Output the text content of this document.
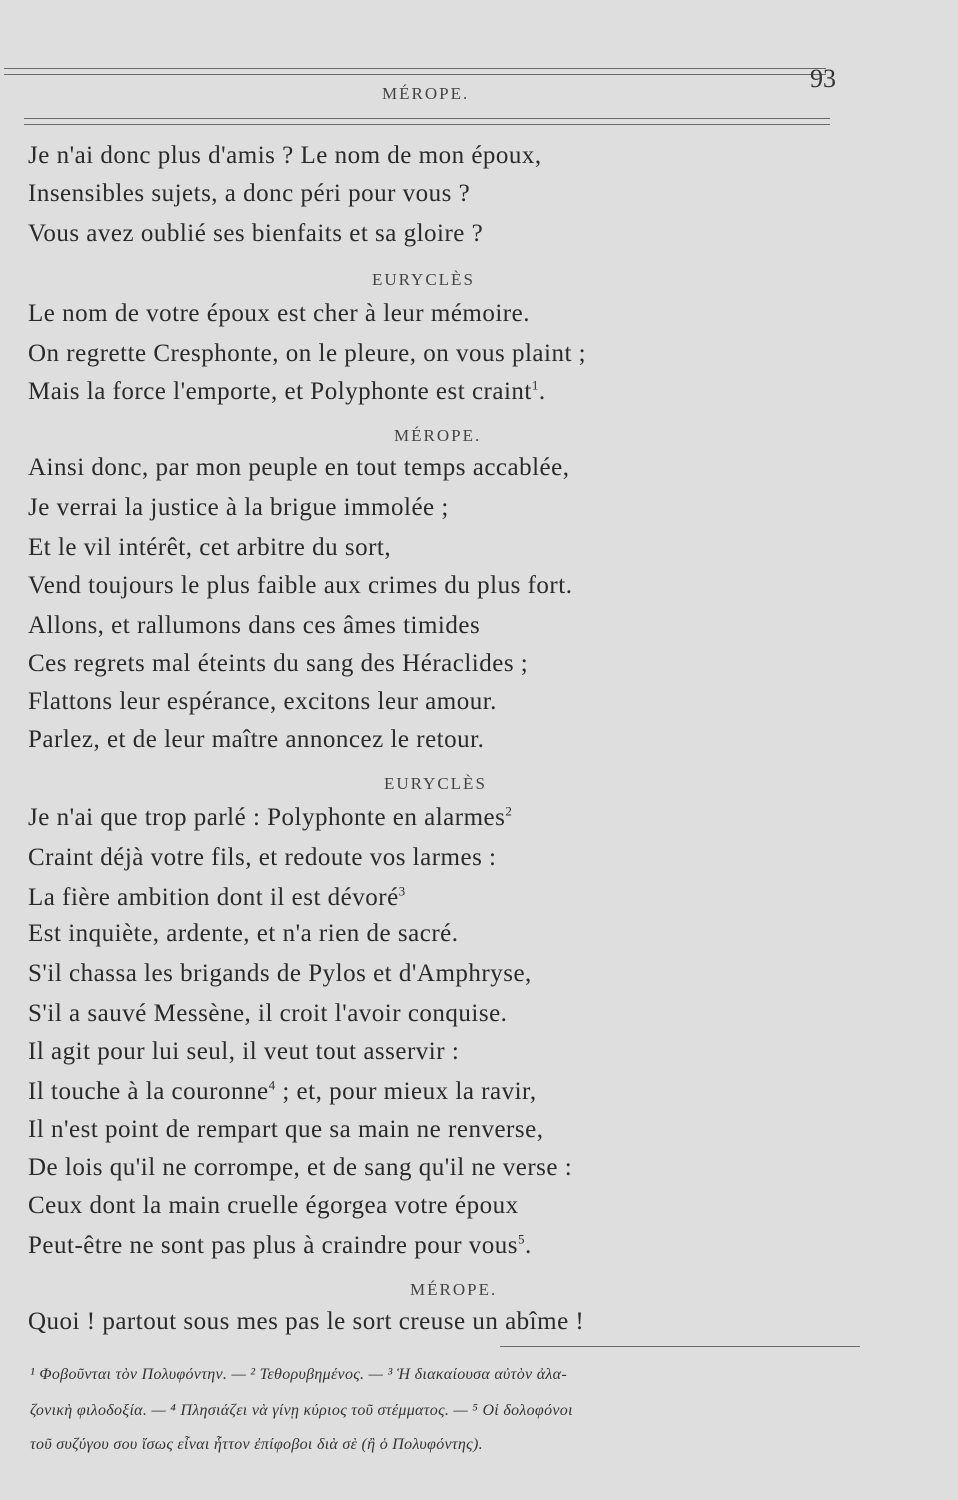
MÉROPE.
93
Je n'ai donc plus d'amis ? Le nom de mon époux,
Insensibles sujets, a donc péri pour vous ?
Vous avez oublié ses bienfaits et sa gloire ?
EURYCLÈS
Le nom de votre époux est cher à leur mémoire.
On regrette Cresphonte, on le pleure, on vous plaint ;
Mais la force l'emporte, et Polyphonte est craint$^1$.
MÉROPE.
Ainsi donc, par mon peuple en tout temps accablée,
Je verrai la justice à la brigue immolée ;
Et le vil intérêt, cet arbitre du sort,
Vend toujours le plus faible aux crimes du plus fort.
Allons, et rallumons dans ces âmes timides
Ces regrets mal éteints du sang des Héraclides ;
Flattons leur espérance, excitons leur amour.
Parlez, et de leur maître annoncez le retour.
EURYCLÈS
Je n'ai que trop parlé : Polyphonte en alarmes$^2$
Craint déjà votre fils, et redoute vos larmes :
La fière ambition dont il est dévoré$^3$
Est inquiète, ardente, et n'a rien de sacré.
S'il chassa les brigands de Pylos et d'Amphryse,
S'il a sauvé Messène, il croit l'avoir conquise.
Il agit pour lui seul, il veut tout asservir :
Il touche à la couronne$^4$ ; et, pour mieux la ravir,
Il n'est point de rempart que sa main ne renverse,
De lois qu'il ne corrompe, et de sang qu'il ne verse :
Ceux dont la main cruelle égorgea votre époux
Peut-être ne sont pas plus à craindre pour vous$^5$.
MÉROPE.
Quoi ! partout sous mes pas le sort creuse un abîme !
¹ Φοβοῦνται τὸν Πολυφόντην. — ² Τεθορυβημένος. — ³ Ἡ διακαίουσα αὐτὸν ἀλα-
ζονικὴ φιλοδοξία. — ⁴ Πλησιάζει νὰ γίνῃ κύριος τοῦ στέμματος. — ⁵ Οἱ δολοφόνοι
τοῦ συζύγου σου ἴσως εἶναι ἧττον ἐπίφοβοι διὰ σὲ (ἢ ὁ Πολυφόντης).
